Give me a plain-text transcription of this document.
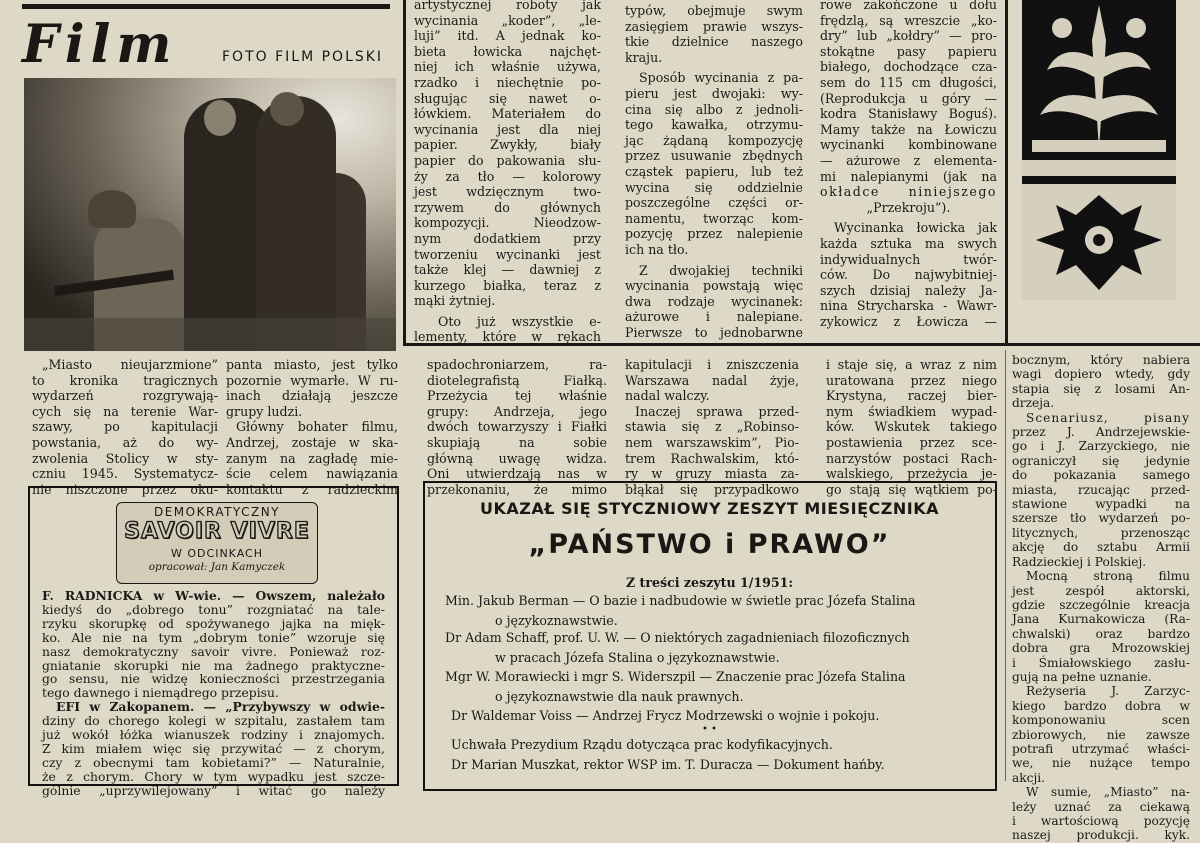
Film	FOTO FILM POLSKI
artystycznej roboty jak
wycinania „koder”, „le-
luji” itd. A jednak ko-
bieta łowicka najchęt-
niej ich właśnie używa,
rzadko i niechętnie po-
sługując się nawet o-
łówkiem. Materiałem do
wycinania jest dla niej
papier. Zwykły, biały
papier do pakowania słu-
ży za tło — kolorowy
jest wdzięcznym two-
rzywem do głównych
kompozycji. Nieodzow-
nym dodatkiem przy
tworzeniu wycinanki jest
także klej — dawniej z
kurzego białka, teraz z
mąki żytniej.
Oto już wszystkie e-
lementy, które w rękach
typów, obejmuje swym
zasięgiem prawie wszys-
tkie dzielnice naszego
kraju.
Sposób wycinania z pa-
pieru jest dwojaki: wy-
cina się albo z jednoli-
tego kawałka, otrzymu-
jąc żądaną kompozycję
przez usuwanie zbędnych
cząstek papieru, lub też
wycina się oddzielnie
poszczególne części or-
namentu, tworząc kom-
pozycję przez nalepienie
ich na tło.
Z dwojakiej techniki
wycinania powstają więc
dwa rodzaje wycinanek:
ażurowe i nalepiane.
Pierwsze to jednobarwne
rowe zakończone u dołu
frędzlą, są wreszcie „ko-
dry” lub „kołdry” — pro-
stokątne pasy papieru
białego, dochodzące cza-
sem do 115 cm długości,
(Reprodukcja u góry —
kodra Stanisławy Boguś).
Mamy także na Łowiczu
wycinanki kombinowane
— ażurowe z elementa-
mi nalepianymi (jak na
okładce niniejszego
„Przekroju”).
Wycinanka łowicka jak
każda sztuka ma swych
indywidualnych twór-
ców. Do najwybitniej-
szych dzisiaj należy Ja-
nina Strycharska - Wawr-
zykowicz z Łowicza —
„Miasto nieujarzmione”
to kronika tragicznych
wydarzeń rozgrywają-
cych się na terenie War-
szawy, po kapitulacji
powstania, aż do wy-
zwolenia Stolicy w sty-
czniu 1945. Systematycz-
nie niszczone przez oku-
panta miasto, jest tylko
pozornie wymarłe. W ru-
inach działają jeszcze
grupy ludzi.
Główny bohater filmu,
Andrzej, zostaje w ska-
zanym na zagładę mie-
ście celem nawiązania
kontaktu z radzieckim
spadochroniarzem, ra-
diotelegrafistą Fiałką.
Przeżycia tej właśnie
grupy: Andrzeja, jego
dwóch towarzyszy i Fiałki
skupiają na sobie
główną uwagę widza.
Oni utwierdzają nas w
przekonaniu, że mimo
kapitulacji i zniszczenia
Warszawa nadal żyje,
nadal walczy.
Inaczej sprawa przed-
stawia się z „Robinso-
nem warszawskim”, Pio-
trem Rachwalskim, któ-
ry w gruzy miasta za-
błąkał się przypadkowo
i staje się, a wraz z nim
uratowana przez niego
Krystyna, raczej bier-
nym świadkiem wypad-
ków. Wskutek takiego
postawienia przez sce-
narzystów postaci Rach-
walskiego, przeżycia je-
go stają się wątkiem po-
bocznym, który nabiera
wagi dopiero wtedy, gdy
stapia się z losami An-
drzeja.
Scenariusz, pisany
przez J. Andrzejewskie-
go i J. Zarzyckiego, nie
ograniczył się jedynie
do pokazania samego
miasta, rzucając przed-
stawione wypadki na
szersze tło wydarzeń po-
litycznych, przenosząc
akcję do sztabu Armii
Radzieckiej i Polskiej.
Mocną stroną filmu
jest zespół aktorski,
gdzie szczególnie kreacja
Jana Kurnakowicza (Ra-
chwalski) oraz bardzo
dobra gra Mrozowskiej
i Śmiałowskiego zasłu-
gują na pełne uznanie.
Reżyseria J. Zarzyc-
kiego bardzo dobra w
komponowaniu scen
zbiorowych, nie zawsze
potrafi utrzymać właści-
we, nie nużące tempo
akcji.
W sumie, „Miasto” na-
leży uznać za ciekawą
i wartościową pozycję
naszej produkcji. kyk.
DEMOKRATYCZNY
SAVOIR VIVRE
W ODCINKACH
opracował: Jan Kamyczek
F. RADNICKA w W-wie. — Owszem, należało
kiedyś do „dobrego tonu” rozgniatać na tale-
rzyku skorupkę od spożywanego jajka na mięk-
ko. Ale nie na tym „dobrym tonie” wzoruje się
nasz demokratyczny savoir vivre. Ponieważ roz-
gniatanie skorupki nie ma żadnego praktyczne-
go sensu, nie widzę konieczności przestrzegania
tego dawnego i niemądrego przepisu.
EFI w Zakopanem. — „Przybywszy w odwie-
dziny do chorego kolegi w szpitalu, zastałem tam
już wokół łóżka wianuszek rodziny i znajomych.
Z kim miałem więc się przywitać — z chorym,
czy z obecnymi tam kobietami?” — Naturalnie,
że z chorym. Chory w tym wypadku jest szcze-
gólnie „uprzywilejowany” i witać go należy
UKAZAŁ SIĘ STYCZNIOWY ZESZYT MIESIĘCZNIKA
„PAŃSTWO i PRAWO”
Z treści zeszytu 1/1951:
Min. Jakub Berman — O bazie i nadbudowie w świetle prac Józefa Stalina
o językoznawstwie.
Dr Adam Schaff, prof. U. W. — O niektórych zagadnieniach filozoficznych
w pracach Józefa Stalina o językoznawstwie.
Mgr W. Morawiecki i mgr S. Widerszpil — Znaczenie prac Józefa Stalina
o językoznawstwie dla nauk prawnych.
Dr Waldemar Voiss — Andrzej Frycz Modrzewski o wojnie i pokoju.
• •
Uchwała Prezydium Rządu dotycząca prac kodyfikacyjnych.
Dr Marian Muszkat, rektor WSP im. T. Duracza — Dokument hańby.
